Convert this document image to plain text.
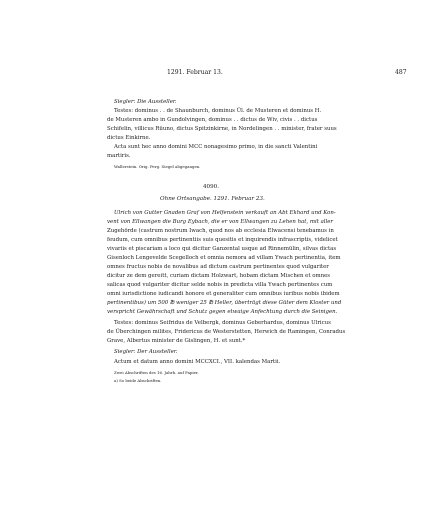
1291. Februar 13.	487
Siegler: Die Aussteller.
Testes: dominus . . de Shaunburch, dominus Ül. de Musteren et dominus H.
de Musteren ambo in Gundolvingen, dominus . . dictus de Wiv, civis . . dictus
Schifelin, villicus Rüuno, dictus Spitzinkirne, in Nordelingen . . minister, frater suus
dictus Einkirne.
Acta sunt hec anno domini MCC nonagesimo primo, in die sancti Valentini
martiris.
Wallerstein. Orig. Perg. Siegel abgegangen.
4090.
Ohne Ortsangabe. 1291. Februar 23.
Ulrich von Gutter Gnaden Graf von Helfenstein verkauft an Abt Ekhard und Kon-
vent von Ellwangen die Burg Eybach, die er von Ellwangen zu Lehen hat, mit aller
Zugehörde (castrum nostrum Iwach, quod nos ab ecclesia Elwacensi tenebamus in
feudum, cum omnibus pertinentiis suis quesitis et inquirendis infrascriptis, videlicet
vivariis et piscariam a loco qui dicitur Ganzental usque ad Rinnemülin, silvas dictas
Gisenloch Lengevelde Scegelloch et omnia nemora ad villam Ywach pertinentia, item
omnes fructus nobis de novalibus ad dictum castrum pertinentes quod vulgariter
dicitur ze dem gereitt, curiam dictam Holzwart, hobam dictam Mischen et omnes
salicas quod vulgariter dicitur selde nobis in predicta villa Ywach pertinentes cum
omni iurisdictione iudicandi honore et generaliter cum omnibus iuribus nobis ibidem
pertinentibus) um 500 ℔ weniger 25 ℔ Heller, überträgt diese Güter dem Kloster und
verspricht Gewährschaft und Schutz gegen etwaige Anfechtung durch die Seinigen.
Testes: dominus Seifridus de Velbergk, dominus Geberhardus, dominus Ulricus
de Überchingen milites, Fridericus de Westerstetten, Herwich de Ramingen, Conradus
Grave, Albertus minister de Gislingen, H. et sunt.*
Siegler: Der Aussteller.
Actum et datum anno domini MCCXCI., VII. kalendas Martii.
Zwei Abschriften des 16. Jahrh. auf Papier.
a) So beide Abschriften.
